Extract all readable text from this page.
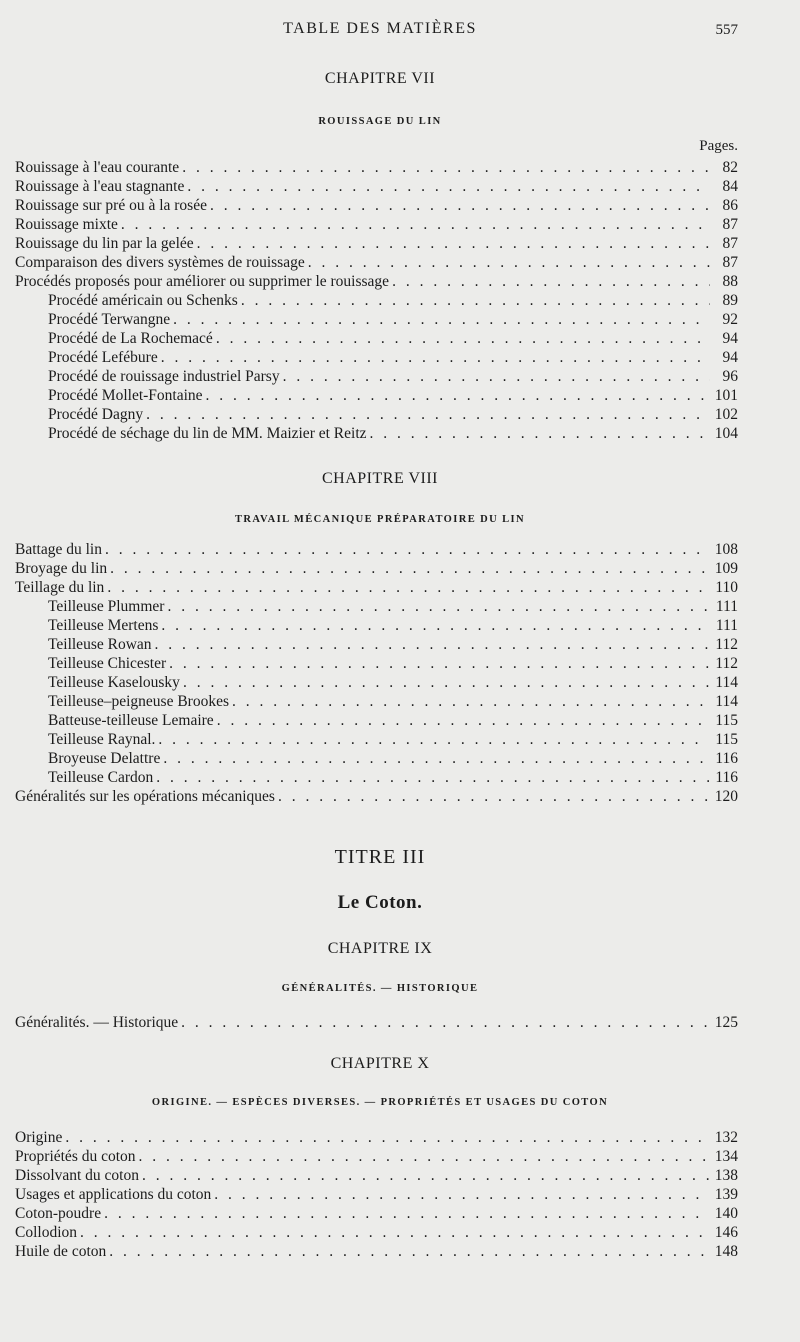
TABLE DES MATIÈRES	557
CHAPITRE VII
ROUISSAGE DU LIN
Pages.
Rouissage à l'eau courante . . .	82
Rouissage à l'eau stagnante . . .	84
Rouissage sur pré ou à la rosée . . .	86
Rouissage mixte . . .	87
Rouissage du lin par la gelée . . .	87
Comparaison des divers systèmes de rouissage . . .	87
Procédés proposés pour améliorer ou supprimer le rouissage . . .	88
Procédé américain ou Schenks . . .	89
Procédé Terwangne . . .	92
Procédé de La Rochemacé . . .	94
Procédé Lefébure . . .	94
Procédé de rouissage industriel Parsy . . .	96
Procédé Mollet-Fontaine . . .	101
Procédé Dagny . . .	102
Procédé de séchage du lin de MM. Maizier et Reitz . . .	104
CHAPITRE VIII
TRAVAIL MÉCANIQUE PRÉPARATOIRE DU LIN
Battage du lin . . .	108
Broyage du lin . . .	109
Teillage du lin . . .	110
Teilleuse Plummer . . .	111
Teilleuse Mertens . . .	111
Teilleuse Rowan . . .	112
Teilleuse Chicester . . .	112
Teilleuse Kaselousky . . .	114
Teilleuse–peigneuse Brookes . . .	114
Batteuse-teilleuse Lemaire . . .	115
Teilleuse Raynal. . . .	115
Broyeuse Delattre . . .	116
Teilleuse Cardon . . .	116
Généralités sur les opérations mécaniques . . .	120
TITRE III
Le Coton.
CHAPITRE IX
GÉNÉRALITÉS. — HISTORIQUE
Généralités. — Historique . . .	125
CHAPITRE X
ORIGINE. — ESPÈCES DIVERSES. — PROPRIÉTÉS ET USAGES DU COTON
Origine . . .	132
Propriétés du coton . . .	134
Dissolvant du coton . . .	138
Usages et applications du coton . . .	139
Coton-poudre . . .	140
Collodion . . .	146
Huile de coton . . .	148
